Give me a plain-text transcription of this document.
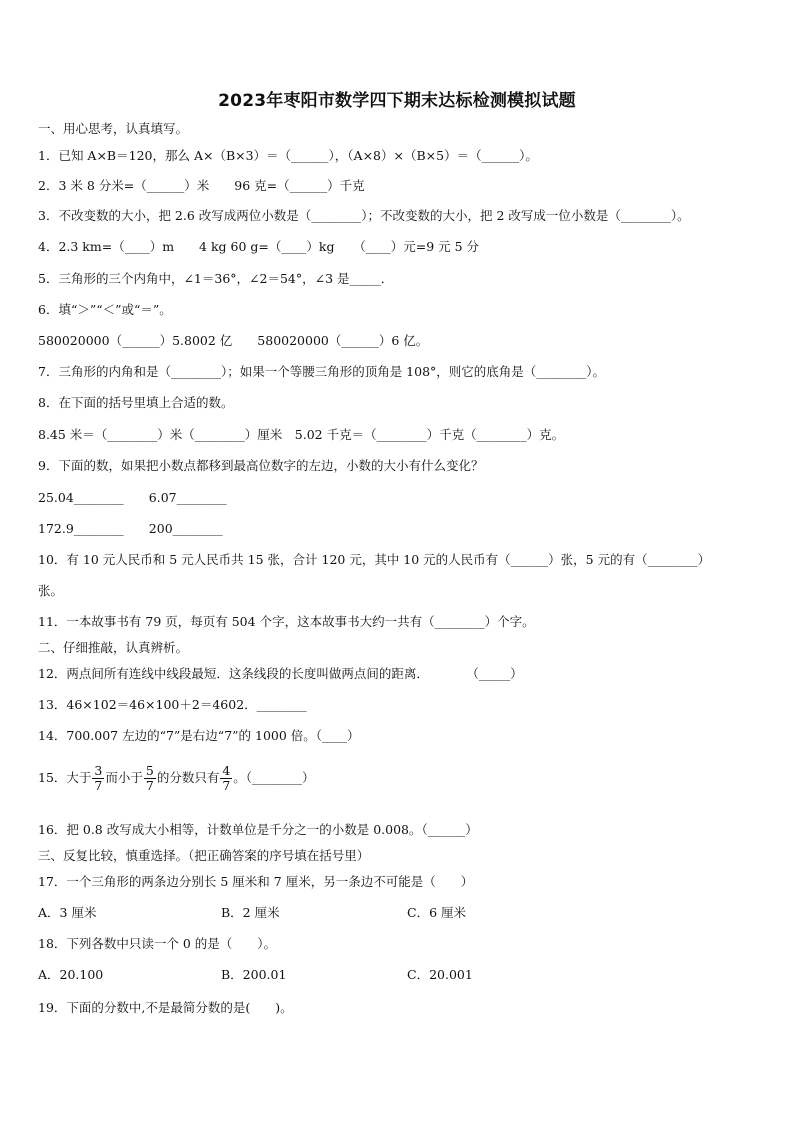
2023年枣阳市数学四下期末达标检测模拟试题
一、用心思考，认真填写。
1．已知 A×B＝120，那么 A×（B×3）＝（______），（A×8）×（B×5）＝（______）。
2．3 米 8 分米=（______）米　　96 克=（______）千克
3．不改变数的大小，把 2.6 改写成两位小数是（________）；不改变数的大小，把 2 改写成一位小数是（________）。
4．2.3 km=（____）m　　4 kg 60 g=（____）kg　　（____）元=9 元 5 分
5．三角形的三个内角中，∠1＝36°，∠2＝54°，∠3 是_____．
6．填“＞”“＜”或“＝”。
580020000（______）5.8002 亿　　580020000（______）6 亿。
7．三角形的内角和是（________）；如果一个等腰三角形的顶角是 108°，则它的底角是（________）。
8．在下面的括号里填上合适的数。
8.45 米＝（________）米（________）厘米　5.02 千克＝（________）千克（________）克。
9．下面的数，如果把小数点都移到最高位数字的左边，小数的大小有什么变化？
25.04________　　6.07________
172.9________　　200________
10．有 10 元人民币和 5 元人民币共 15 张，合计 120 元，其中 10 元的人民币有（______）张，5 元的有（________）
张。
11．一本故事书有 79 页，每页有 504 个字，这本故事书大约一共有（________）个字。
二、仔细推敲，认真辨析。
12．两点间所有连线中线段最短．这条线段的长度叫做两点间的距离．　　　　（_____）
13．46×102＝46×100＋2＝4602．________
14．700.007 左边的“7”是右边“7”的 1000 倍。（____）
15．大于 $\frac{3}{7}$ 而小于 $\frac{5}{7}$ 的分数只有 $\frac{4}{7}$ 。（________）
16．把 0.8 改写成大小相等，计数单位是千分之一的小数是 0.008。（______）
三、反复比较，慎重选择。（把正确答案的序号填在括号里）
17．一个三角形的两条边分别长 5 厘米和 7 厘米，另一条边不可能是（　　）
A．3 厘米	B．2 厘米	C．6 厘米
18．下列各数中只读一个 0 的是（　　）。
A．20.100	B．200.01	C．20.001
19．下面的分数中,不是最简分数的是(　　)。
